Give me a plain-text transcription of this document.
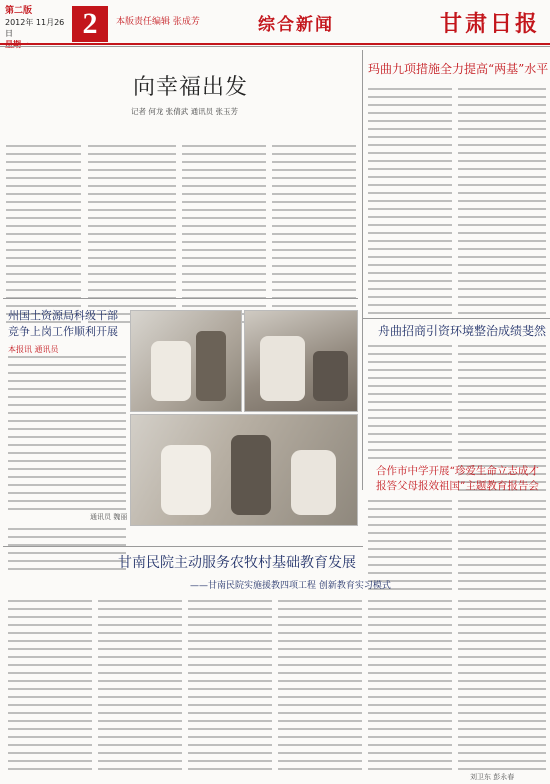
第二版
2012年 11月26日	2	本版责任编辑 张成芳	综合新闻	甘肃日报
向幸福出发
记者 何龙 张倩武 通讯员 张玉芳
玛曲九项措施全力提高“两基”水平
舟曲招商引资环境整治成绩斐然
合作市中学开展“珍爱生命立志成才
报答父母报效祖国”主题教育报告会
州国土资源局科级干部
竞争上岗工作顺利开展
本报讯 通讯员
通讯员 魏丽
甘南民院主动服务农牧村基础教育发展
——甘南民院实施援教四项工程 创新教育实习模式
刘卫东 彭永春
